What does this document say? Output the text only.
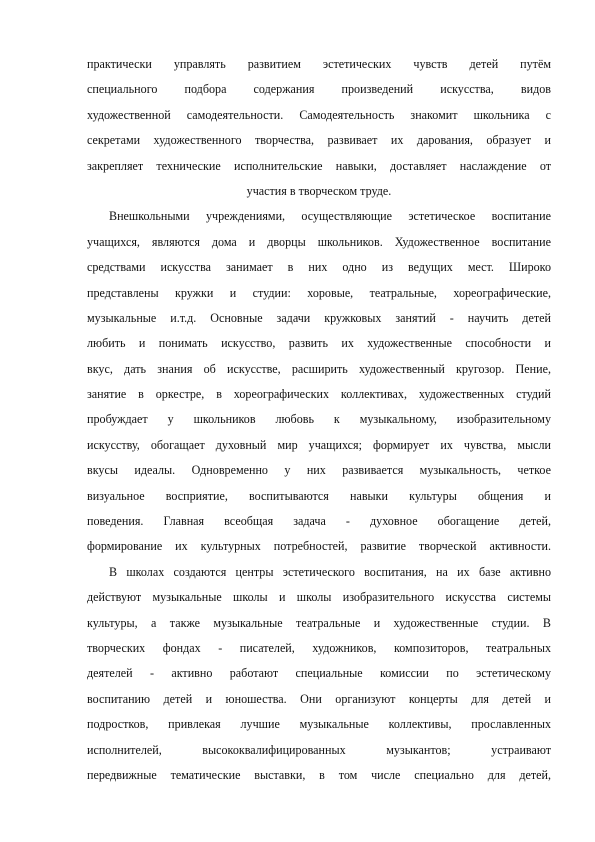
практически управлять развитием эстетических чувств детей путём
специального подбора содержания произведений искусства, видов
художественной самодеятельности. Самодеятельность знакомит школьника с
секретами художественного творчества, развивает их дарования, образует и
закрепляет технические исполнительские навыки, доставляет наслаждение от
участия в творческом труде.
Внешкольными учреждениями, осуществляющие эстетическое воспитание
учащихся, являются дома и дворцы школьников. Художественное воспитание
средствами искусства занимает в них одно из ведущих мест. Широко
представлены кружки и студии: хоровые, театральные, хореографические,
музыкальные и.т.д. Основные задачи кружковых занятий - научить детей
любить и понимать искусство, развить их художественные способности и
вкус, дать знания об искусстве, расширить художественный кругозор. Пение,
занятие в оркестре, в хореографических коллективах, художественных студий
пробуждает у школьников любовь к музыкальному, изобразительному
искусству, обогащает духовный мир учащихся; формирует их чувства, мысли
вкусы идеалы. Одновременно у них развивается музыкальность, четкое
визуальное восприятие, воспитываются навыки культуры общения и
поведения. Главная всеобщая задача - духовное обогащение детей,
формирование их культурных потребностей, развитие творческой активности.
В школах создаются центры эстетического воспитания, на их базе активно
действуют музыкальные школы и школы изобразительного искусства системы
культуры, а также музыкальные театральные и художественные студии. В
творческих фондах - писателей, художников, композиторов, театральных
деятелей - активно работают специальные комиссии по эстетическому
воспитанию детей и юношества. Они организуют концерты для детей и
подростков, привлекая лучшие музыкальные коллективы, прославленных
исполнителей, высококвалифицированных музыкантов; устраивают
передвижные тематические выставки, в том числе специально для детей,
